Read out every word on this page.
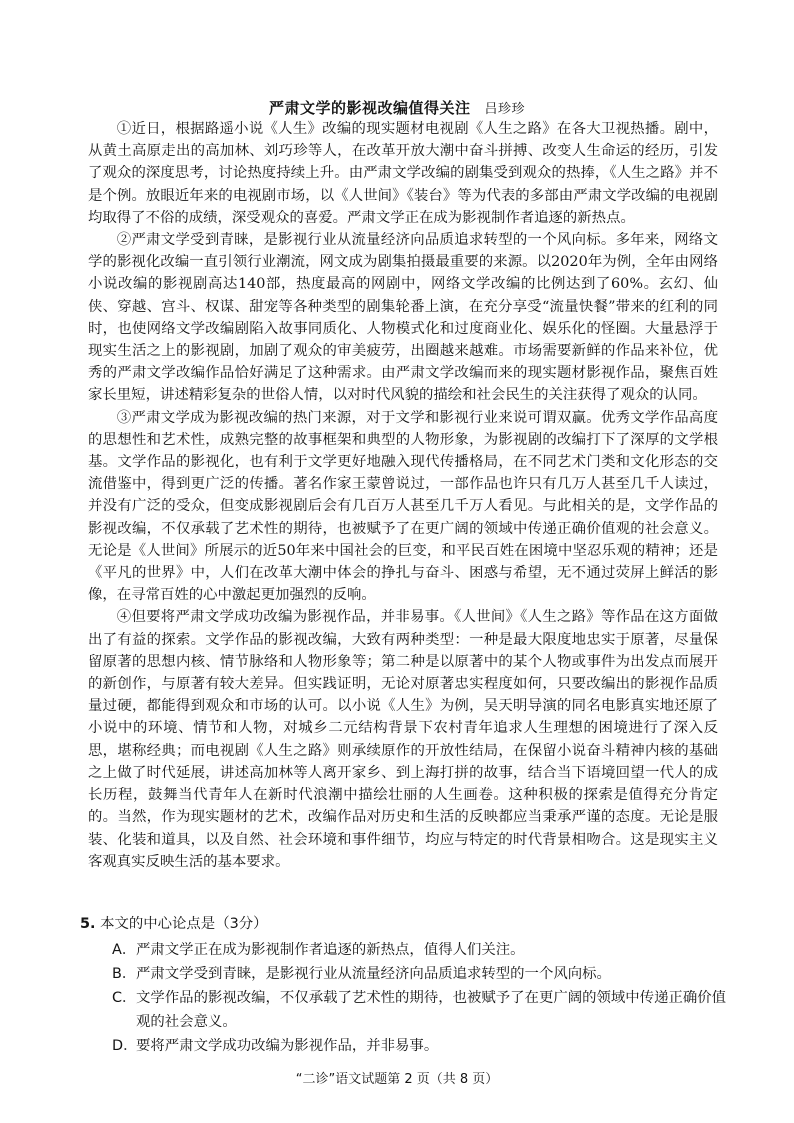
严肃文学的影视改编值得关注 吕珍珍

①近日，根据路遥小说《人生》改编的现实题材电视剧《人生之路》在各大卫视热播。剧中，从黄土高原走出的高加林、刘巧珍等人，在改革开放大潮中奋斗拼搏、改变人生命运的经历，引发了观众的深度思考，讨论热度持续上升。由严肃文学改编的剧集受到观众的热捧，《人生之路》并不是个例。放眼近年来的电视剧市场，以《人世间》《装台》等为代表的多部由严肃文学改编的电视剧均取得了不俗的成绩，深受观众的喜爱。严肃文学正在成为影视制作者追逐的新热点。

②严肃文学受到青睐，是影视行业从流量经济向品质追求转型的一个风向标。多年来，网络文学的影视化改编一直引领行业潮流，网文成为剧集拍摄最重要的来源。以2020年为例，全年由网络小说改编的影视剧高达140部，热度最高的网剧中，网络文学改编的比例达到了60%。玄幻、仙侠、穿越、宫斗、权谋、甜宠等各种类型的剧集轮番上演，在充分享受“流量快餐”带来的红利的同时，也使网络文学改编剧陷入故事同质化、人物模式化和过度商业化、娱乐化的怪圈。大量悬浮于现实生活之上的影视剧，加剧了观众的审美疲劳，出圈越来越难。市场需要新鲜的作品来补位，优秀的严肃文学改编作品恰好满足了这种需求。由严肃文学改编而来的现实题材影视作品，聚焦百姓家长里短，讲述精彩复杂的世俗人情，以对时代风貌的描绘和社会民生的关注获得了观众的认同。

③严肃文学成为影视改编的热门来源，对于文学和影视行业来说可谓双赢。优秀文学作品高度的思想性和艺术性，成熟完整的故事框架和典型的人物形象，为影视剧的改编打下了深厚的文学根基。文学作品的影视化，也有利于文学更好地融入现代传播格局，在不同艺术门类和文化形态的交流借鉴中，得到更广泛的传播。著名作家王蒙曾说过，一部作品也许只有几万人甚至几千人读过，并没有广泛的受众，但变成影视剧后会有几百万人甚至几千万人看见。与此相关的是，文学作品的影视改编，不仅承载了艺术性的期待，也被赋予了在更广阔的领域中传递正确价值观的社会意义。无论是《人世间》所展示的近50年来中国社会的巨变，和平民百姓在困境中坚忍乐观的精神；还是《平凡的世界》中，人们在改革大潮中体会的挣扎与奋斗、困惑与希望，无不通过荧屏上鲜活的影像，在寻常百姓的心中激起更加强烈的反响。

④但要将严肃文学成功改编为影视作品，并非易事。《人世间》《人生之路》等作品在这方面做出了有益的探索。文学作品的影视改编，大致有两种类型：一种是最大限度地忠实于原著，尽量保留原著的思想内核、情节脉络和人物形象等；第二种是以原著中的某个人物或事件为出发点而展开的新创作，与原著有较大差异。但实践证明，无论对原著忠实程度如何，只要改编出的影视作品质量过硬，都能得到观众和市场的认可。以小说《人生》为例，吴天明导演的同名电影真实地还原了小说中的环境、情节和人物，对城乡二元结构背景下农村青年追求人生理想的困境进行了深入反思，堪称经典；而电视剧《人生之路》则承续原作的开放性结局，在保留小说奋斗精神内核的基础之上做了时代延展，讲述高加林等人离开家乡、到上海打拼的故事，结合当下语境回望一代人的成长历程，鼓舞当代青年人在新时代浪潮中描绘壮丽的人生画卷。这种积极的探索是值得充分肯定的。当然，作为现实题材的艺术，改编作品对历史和生活的反映都应当秉承严谨的态度。无论是服装、化装和道具，以及自然、社会环境和事件细节，均应与特定的时代背景相吻合。这是现实主义客观真实反映生活的基本要求。

5. 本文的中心论点是（3分）
A． 严肃文学正在成为影视制作者追逐的新热点，值得人们关注。
B． 严肃文学受到青睐，是影视行业从流量经济向品质追求转型的一个风向标。
C． 文学作品的影视改编，不仅承载了艺术性的期待，也被赋予了在更广阔的领域中传递正确价值观的社会意义。
D．
要将严肃文学成功改编为影视作品，并非易事。
“二诊”语文试题第 2 页（共 8 页）
